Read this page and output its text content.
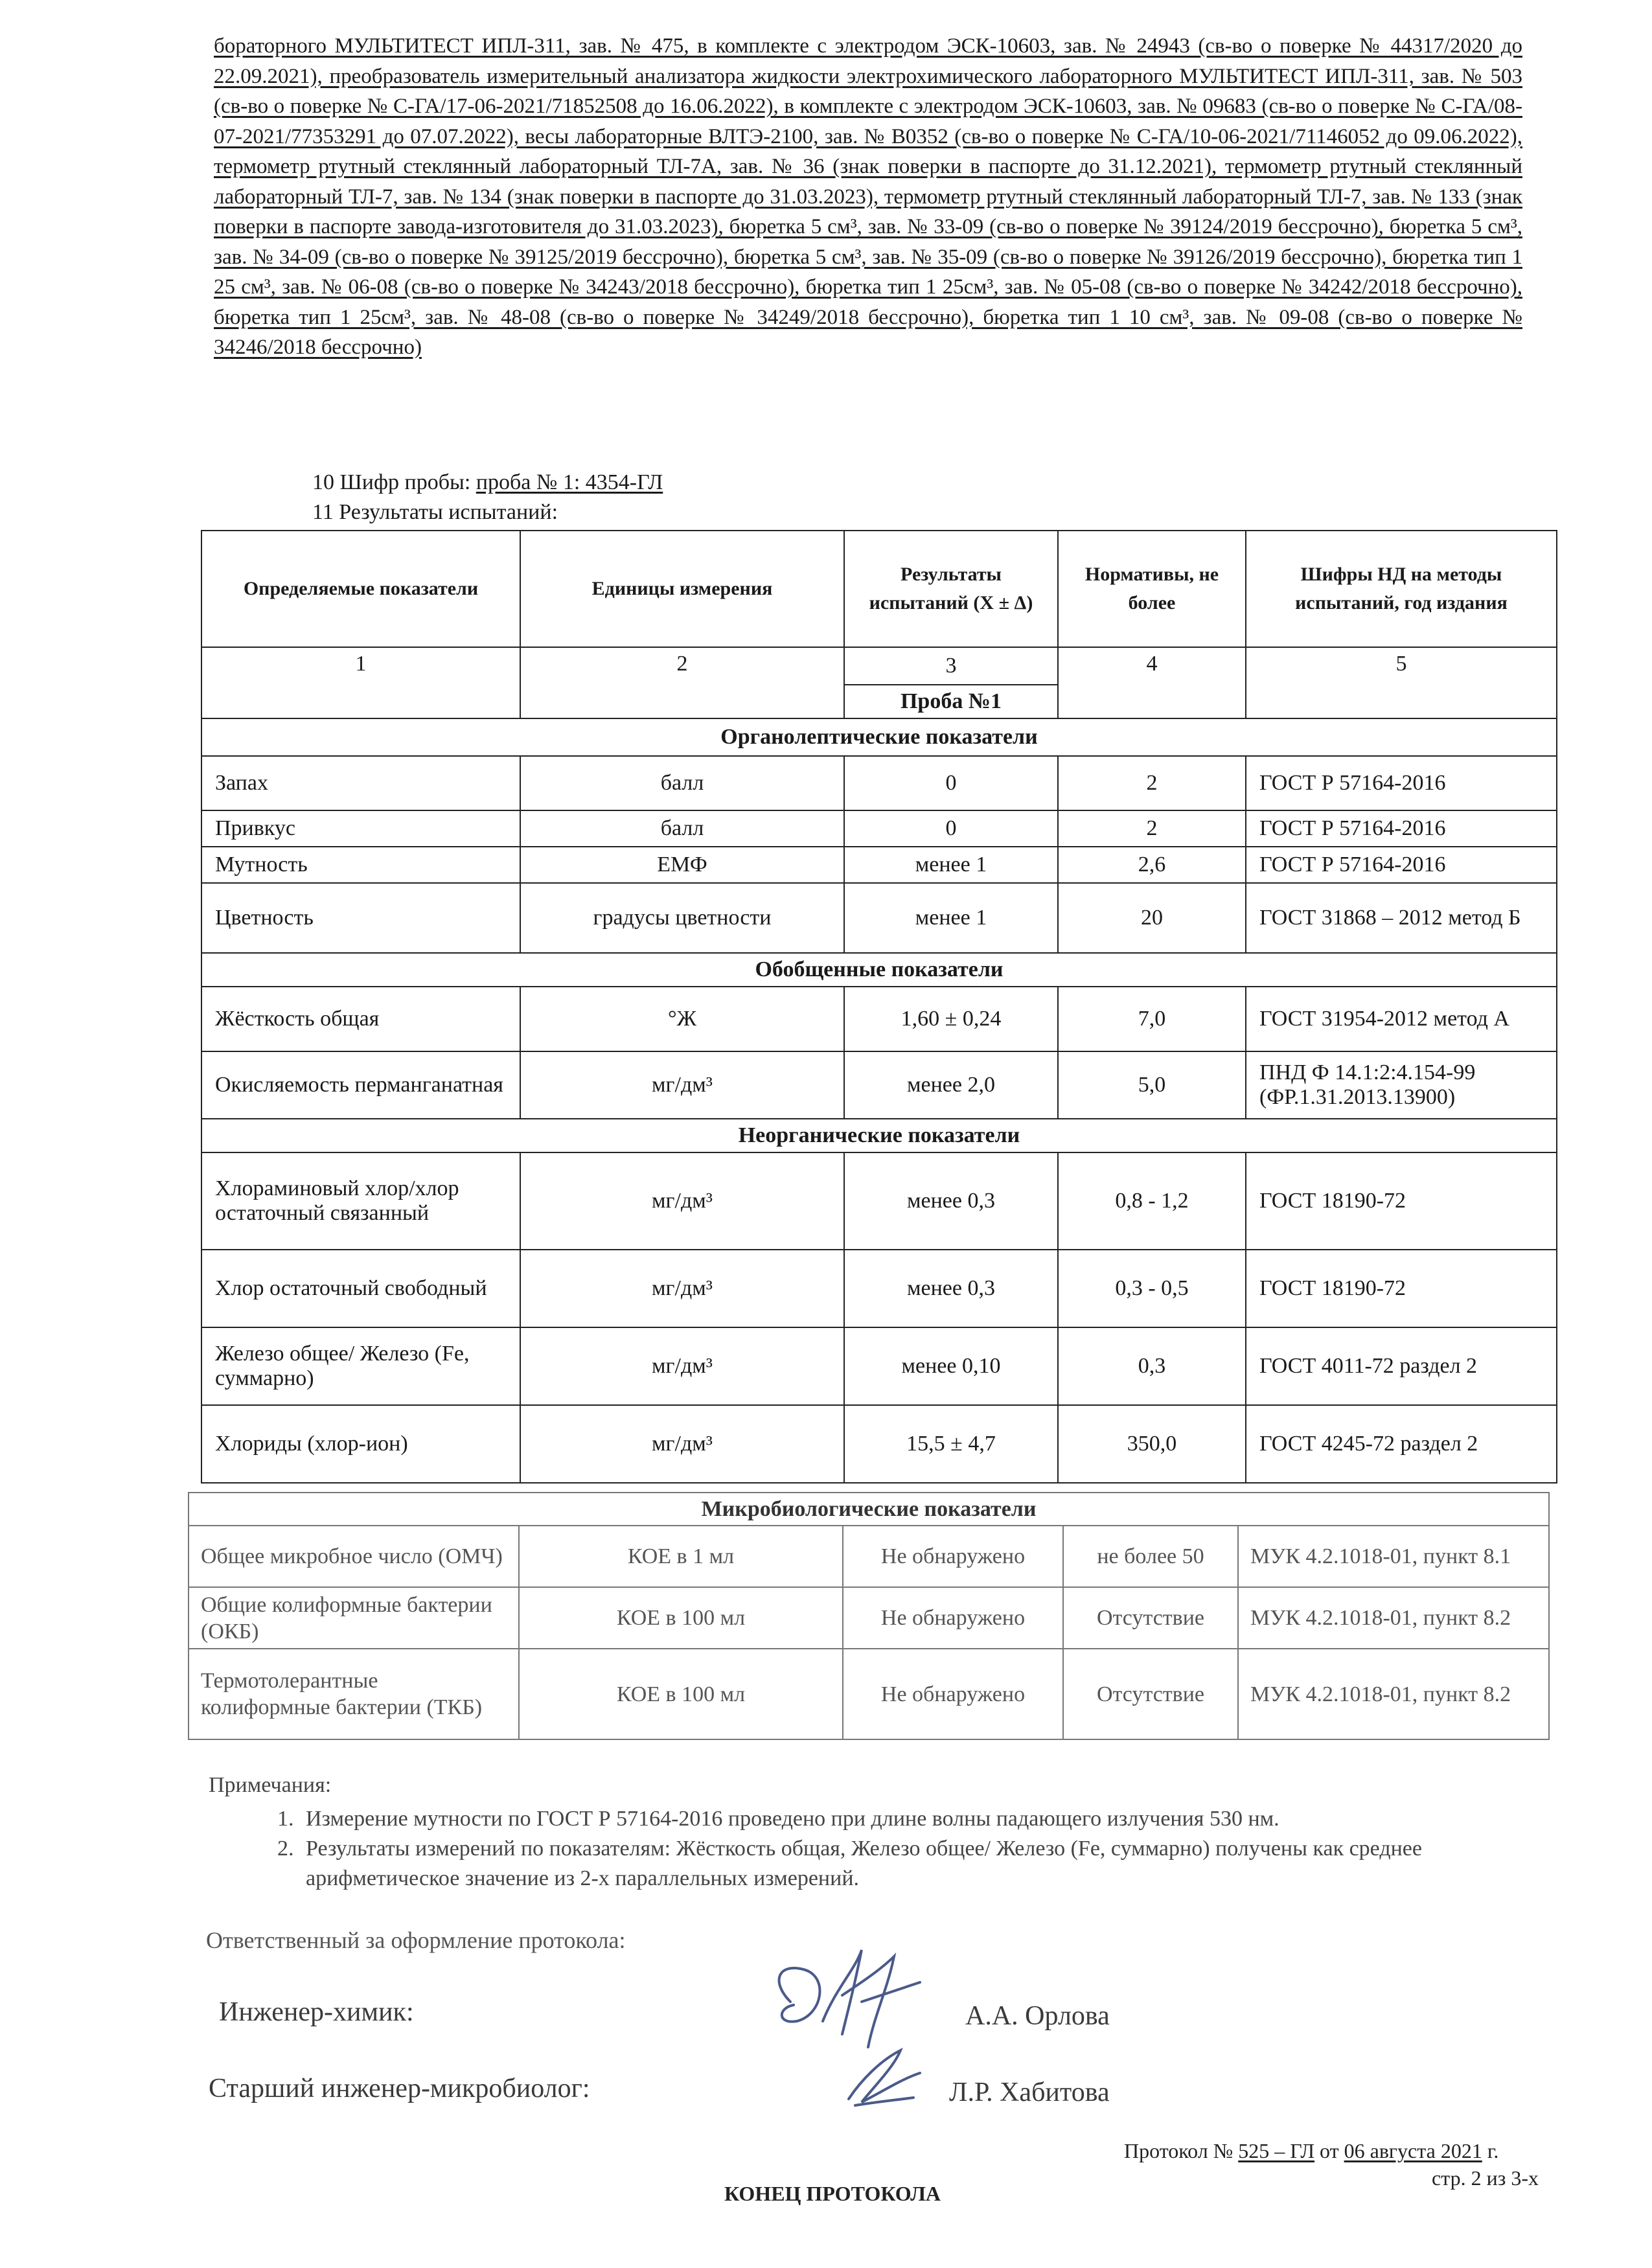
бораторного МУЛЬТИТЕСТ ИПЛ-311, зав. № 475, в комплекте с электродом ЭСК-10603, зав. № 24943 (св-во о поверке № 44317/2020 до 22.09.2021), преобразователь измерительный анализатора жидкости электрохимического лабораторного МУЛЬТИТЕСТ ИПЛ-311, зав. № 503 (св-во о поверке № С-ГА/17-06-2021/71852508 до 16.06.2022), в комплекте с электродом ЭСК-10603, зав. № 09683 (св-во о поверке № С-ГА/08-07-2021/77353291 до 07.07.2022), весы лабораторные ВЛТЭ-2100, зав. № В0352 (св-во о поверке № С-ГА/10-06-2021/71146052 до 09.06.2022), термометр ртутный стеклянный лабораторный ТЛ-7А, зав. № 36 (знак поверки в паспорте до 31.12.2021), термометр ртутный стеклянный лабораторный ТЛ-7, зав. № 134 (знак поверки в паспорте до 31.03.2023), термометр ртутный стеклянный лабораторный ТЛ-7, зав. № 133 (знак поверки в паспорте завода-изготовителя до 31.03.2023), бюретка 5 см³, зав. № 33-09 (св-во о поверке № 39124/2019 бессрочно), бюретка 5 см³, зав. № 34-09 (св-во о поверке № 39125/2019 бессрочно), бюретка 5 см³, зав. № 35-09 (св-во о поверке № 39126/2019 бессрочно), бюретка тип 1 25 см³, зав. № 06-08 (св-во о поверке № 34243/2018 бессрочно), бюретка тип 1 25см³, зав. № 05-08 (св-во о поверке № 34242/2018 бессрочно), бюретка тип 1 25см³, зав. № 48-08 (св-во о поверке № 34249/2018 бессрочно), бюретка тип 1 10 см³, зав. № 09-08 (св-во о поверке № 34246/2018 бессрочно)

10 Шифр пробы: проба № 1: 4354-ГЛ
11 Результаты испытаний:
Определяемые показатели	Единицы измерения	Результаты испытаний (Х ± Δ)	Нормативы, не более	Шифры НД на методы испытаний, год издания
1	2	3	4	5
		Проба №1		
Органолептические показатели				
Запах	балл	0	2	ГОСТ Р 57164-2016
Привкус	балл	0	2	ГОСТ Р 57164-2016
Мутность	ЕМФ	менее 1	2,6	ГОСТ Р 57164-2016
Цветность	градусы цветности	менее 1	20	ГОСТ 31868 – 2012 метод Б
Обобщенные показатели				
Жёсткость общая	°Ж	1,60 ± 0,24	7,0	ГОСТ 31954-2012 метод А
Окисляемость перманганатная	мг/дм³	менее 2,0	5,0	ПНД Ф 14.1:2:4.154-99 (ФР.1.31.2013.13900)
Неорганические показатели				
Хлораминовый хлор/хлор остаточный связанный	мг/дм³	менее 0,3	0,8 - 1,2	ГОСТ 18190-72
Хлор остаточный свободный	мг/дм³	менее 0,3	0,3 - 0,5	ГОСТ 18190-72
Железо общее/ Железо (Fe, суммарно)	мг/дм³	менее 0,10	0,3	ГОСТ 4011-72 раздел 2
Хлориды (хлор-ион)	мг/дм³	15,5 ± 4,7	350,0	ГОСТ 4245-72 раздел 2
Микробиологические показатели				
Общее микробное число (ОМЧ)	КОЕ в 1 мл	Не обнаружено	не более 50	МУК 4.2.1018-01, пункт 8.1
Общие колиформные бактерии (ОКБ)	КОЕ в 100 мл	Не обнаружено	Отсутствие	МУК 4.2.1018-01, пункт 8.2
Термотолерантные колиформные бактерии (ТКБ)	КОЕ в 100 мл	Не обнаружено	Отсутствие	МУК 4.2.1018-01, пункт 8.2
Примечания:
1. Измерение мутности по ГОСТ Р 57164-2016 проведено при длине волны падающего излучения 530 нм.
2. Результаты измерений по показателям: Жёсткость общая, Железо общее/ Железо (Fe, суммарно) получены как среднее арифметическое значение из 2-х параллельных измерений.
Ответственный за оформление протокола:
Инженер-химик:	А.А. Орлова
Старший инженер-микробиолог:	Л.Р. Хабитова
Протокол № 525 – ГЛ от 06 августа 2021 г.
стр. 2 из 3-х
КОНЕЦ ПРОТОКОЛА
